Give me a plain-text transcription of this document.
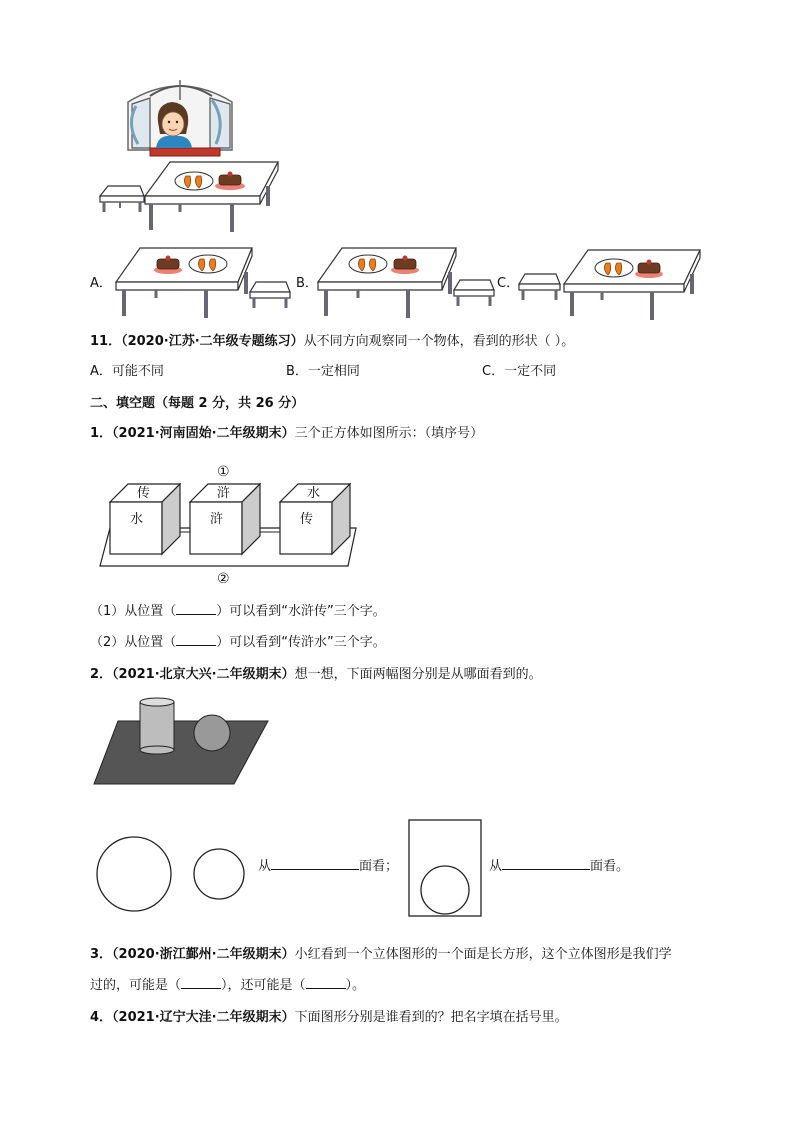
A．	B．	C．
11．（2020·江苏·二年级专题练习）从不同方向观察同一个物体，看到的形状（ ）。
A．可能不同	B．一定相同	C．一定不同
二、填空题（每题 2 分，共 26 分）
1．（2021·河南固始·二年级期末）三个正方体如图所示：（填序号）
①
②
传
水
浒
浒
水
传
（1）从位置（	）可以看到“水浒传”三个字。
（2）从位置（	）可以看到“传浒水”三个字。
2．（2021·北京大兴·二年级期末）想一想，下面两幅图分别是从哪面看到的。
从	面看；	从	面看。
3．（2020·浙江鄞州·二年级期末）小红看到一个立体图形的一个面是长方形，这个立体图形是我们学
过的，可能是（	），还可能是（	）。
4．（2021·辽宁大洼·二年级期末）下面图形分别是谁看到的？把名字填在括号里。
